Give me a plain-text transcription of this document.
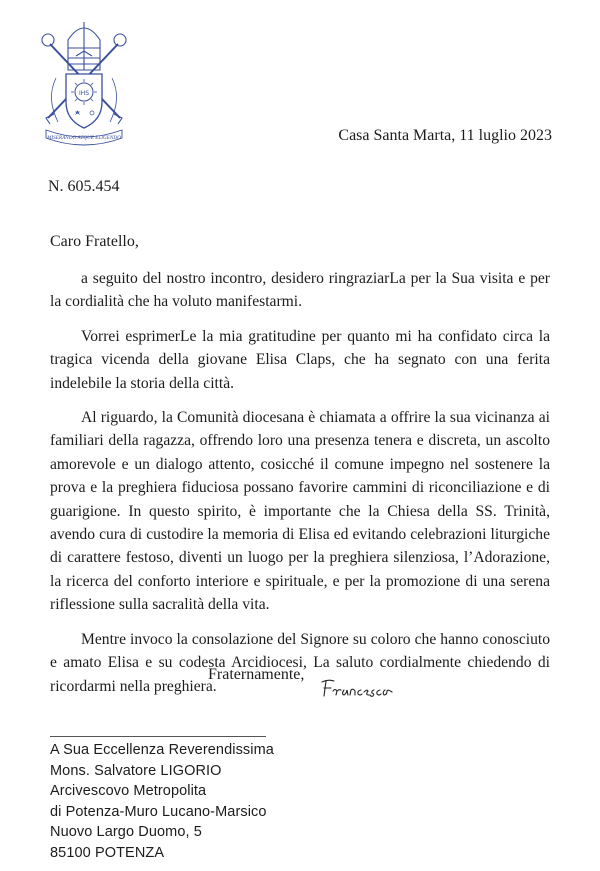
IHS
MISERANDO ATQUE ELIGENDO	Casa Santa Marta, 11 luglio 2023
N. 605.454
Caro Fratello,

a seguito del nostro incontro, desidero ringraziarLa per la Sua visita e per la cordialità che ha voluto manifestarmi.

Vorrei esprimerLe la mia gratitudine per quanto mi ha confidato circa la tragica vicenda della giovane Elisa Claps, che ha segnato con una ferita indelebile la storia della città.

Al riguardo, la Comunità diocesana è chiamata a offrire la sua vicinanza ai familiari della ragazza, offrendo loro una presenza tenera e discreta, un ascolto amorevole e un dialogo attento, cosicché il comune impegno nel sostenere la prova e la preghiera fiduciosa possano favorire cammini di riconciliazione e di guarigione. In questo spirito, è importante che la Chiesa della SS. Trinità, avendo cura di custodire la memoria di Elisa ed evitando celebrazioni liturgiche di carattere festoso, diventi un luogo per la preghiera silenziosa, l’Adorazione, la ricerca del conforto interiore e spirituale, e per la promozione di una serena riflessione sulla sacralità della vita.

Mentre invoco la consolazione del Signore su coloro che hanno conosciuto e amato Elisa e su codesta Arcidiocesi, La saluto cordialmente chiedendo di ricordarmi nella preghiera.

Fraternamente,
A Sua Eccellenza Reverendissima
Mons. Salvatore LIGORIO
Arcivescovo Metropolita
di Potenza-Muro Lucano-Marsico
Nuovo Largo Duomo, 5
85100 POTENZA
